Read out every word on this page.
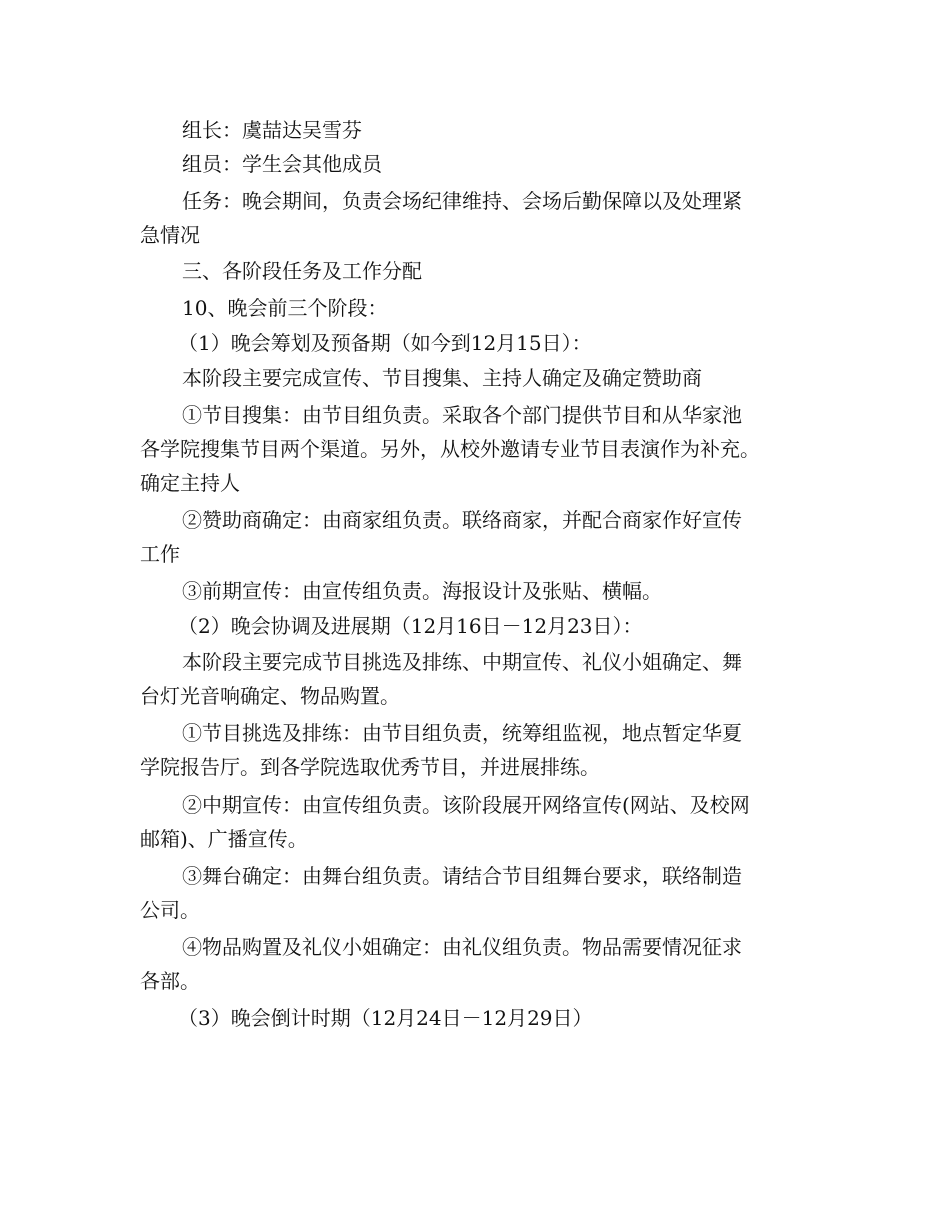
组长：虞喆达吴雪芬

组员：学生会其他成员

任务：晚会期间，负责会场纪律维持、会场后勤保障以及处理紧
急情况

三、各阶段任务及工作分配

10、晚会前三个阶段：

（1）晚会筹划及预备期（如今到12月15日）：

本阶段主要完成宣传、节目搜集、主持人确定及确定赞助商

①节目搜集：由节目组负责。采取各个部门提供节目和从华家池
各学院搜集节目两个渠道。另外，从校外邀请专业节目表演作为补充。
确定主持人

②赞助商确定：由商家组负责。联络商家，并配合商家作好宣传
工作

③前期宣传：由宣传组负责。海报设计及张贴、横幅。

（2）晚会协调及进展期（12月16日－12月23日）：

本阶段主要完成节目挑选及排练、中期宣传、礼仪小姐确定、舞
台灯光音响确定、物品购置。

①节目挑选及排练：由节目组负责，统筹组监视，地点暂定华夏
学院报告厅。到各学院选取优秀节目，并进展排练。

②中期宣传：由宣传组负责。该阶段展开网络宣传(网站、及校网
邮箱)、广播宣传。

③舞台确定：由舞台组负责。请结合节目组舞台要求，联络制造
公司。

④物品购置及礼仪小姐确定：由礼仪组负责。物品需要情况征求
各部。

（3）晚会倒计时期（12月24日－12月29日）
